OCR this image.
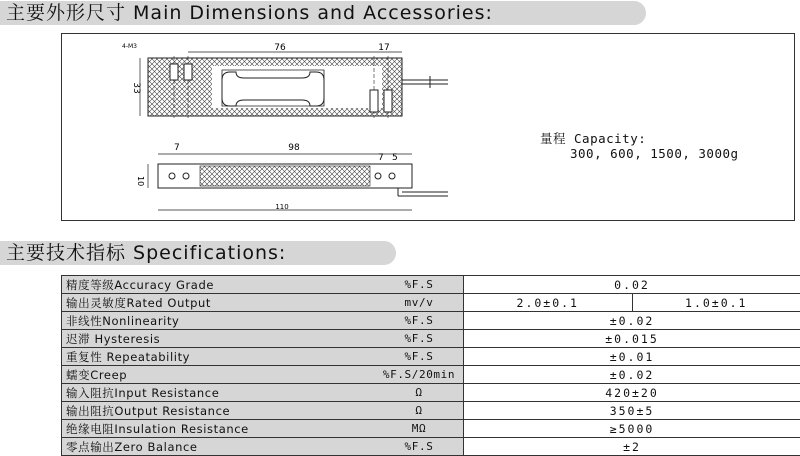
主要外形尺寸 Main Dimensions and Accessories:
76	17
4-M3
33
7	98
7 5
10
110
量程 Capacity:
300, 600, 1500, 3000g
主要技术指标 Specifications:
精度等级Accuracy Grade	%F.S	0.02	
输出灵敏度Rated Output	mv/v	2.0±0.1	1.0±0.1
非线性Nonlinearity	%F.S	±0.02	
迟滞 Hysteresis	%F.S	±0.015	
重复性 Repeatability	%F.S	±0.01	
蠕变Creep	%F.S/20min	±0.02	
输入阻抗Input Resistance	Ω	420±20	
输出阻抗Output Resistance	Ω	350±5	
绝缘电阻Insulation Resistance	MΩ	≥5000	
零点输出Zero Balance	%F.S	±2	
